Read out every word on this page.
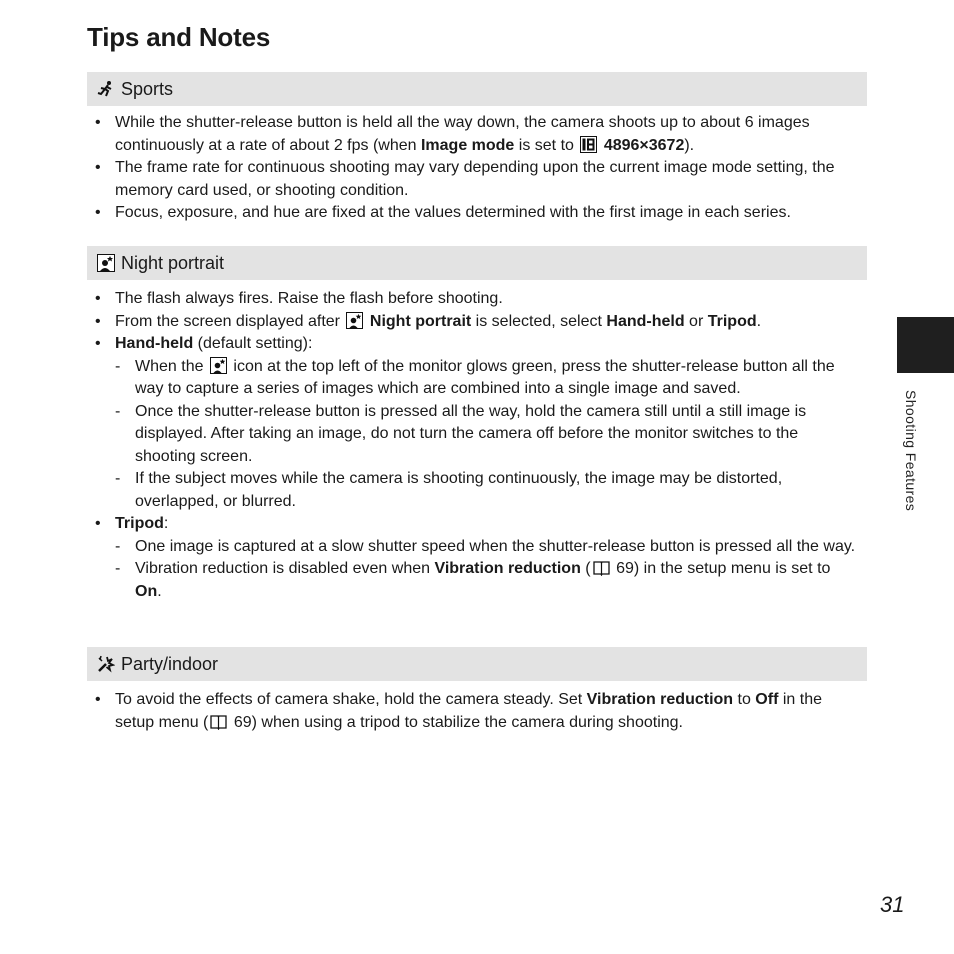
Tips and Notes
Sports
• While the shutter-release button is held all the way down, the camera shoots up to about 6 images continuously at a rate of about 2 fps (when Image mode is set to  4896×3672).
• The frame rate for continuous shooting may vary depending upon the current image mode setting, the memory card used, or shooting condition.
• Focus, exposure, and hue are fixed at the values determined with the first image in each series.
Night portrait
• The flash always fires. Raise the flash before shooting.
• From the screen displayed after  Night portrait is selected, select Hand-held or Tripod.
• Hand-held (default setting):
- When the  icon at the top left of the monitor glows green, press the shutter-release button all the way to capture a series of images which are combined into a single image and saved.
- Once the shutter-release button is pressed all the way, hold the camera still until a still image is displayed. After taking an image, do not turn the camera off before the monitor switches to the shooting screen.
- If the subject moves while the camera is shooting continuously, the image may be distorted, overlapped, or blurred.
• Tripod:
- One image is captured at a slow shutter speed when the shutter-release button is pressed all the way.
- Vibration reduction is disabled even when Vibration reduction ( 69) in the setup menu is set to On.
Party/indoor
• To avoid the effects of camera shake, hold the camera steady. Set Vibration reduction to Off in the setup menu ( 69) when using a tripod to stabilize the camera during shooting.
Shooting Features
31
